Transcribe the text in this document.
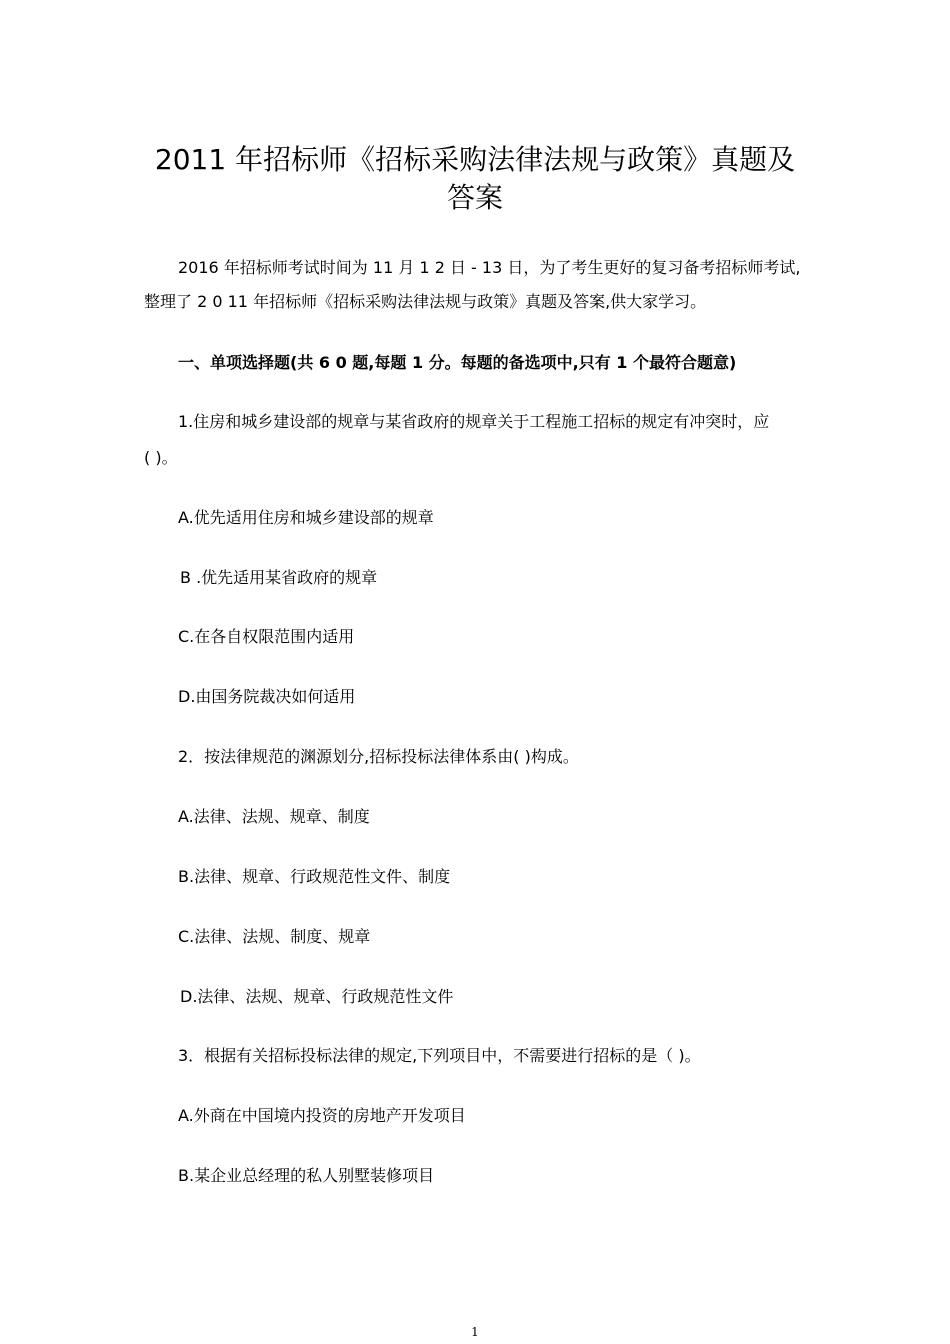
2011 年招标师《招标采购法律法规与政策》真题及
答案

2016 年招标师考试时间为 11 月 1 2 日 - 13 日，为了考生更好的复习备考招标师考试,

整理了 2 0 11 年招标师《招标采购法律法规与政策》真题及答案,供大家学习。

一、单项选择题(共 6 0 题,每题 1 分。每题的备选项中,只有 1 个最符合题意)

1.住房和城乡建设部的规章与某省政府的规章关于工程施工招标的规定有冲突时，应

( )。

A.优先适用住房和城乡建设部的规章

B .优先适用某省政府的规章

C.在各自权限范围内适用

D.由国务院裁决如何适用

2．按法律规范的渊源划分,招标投标法律体系由( )构成。

A.法律、法规、规章、制度

B.法律、规章、行政规范性文件、制度

C.法律、法规、制度、规章

D.法律、法规、规章、行政规范性文件

3．根据有关招标投标法律的规定,下列项目中，不需要进行招标的是（ )。

A.外商在中国境内投资的房地产开发项目

B.某企业总经理的私人别墅装修项目

1
